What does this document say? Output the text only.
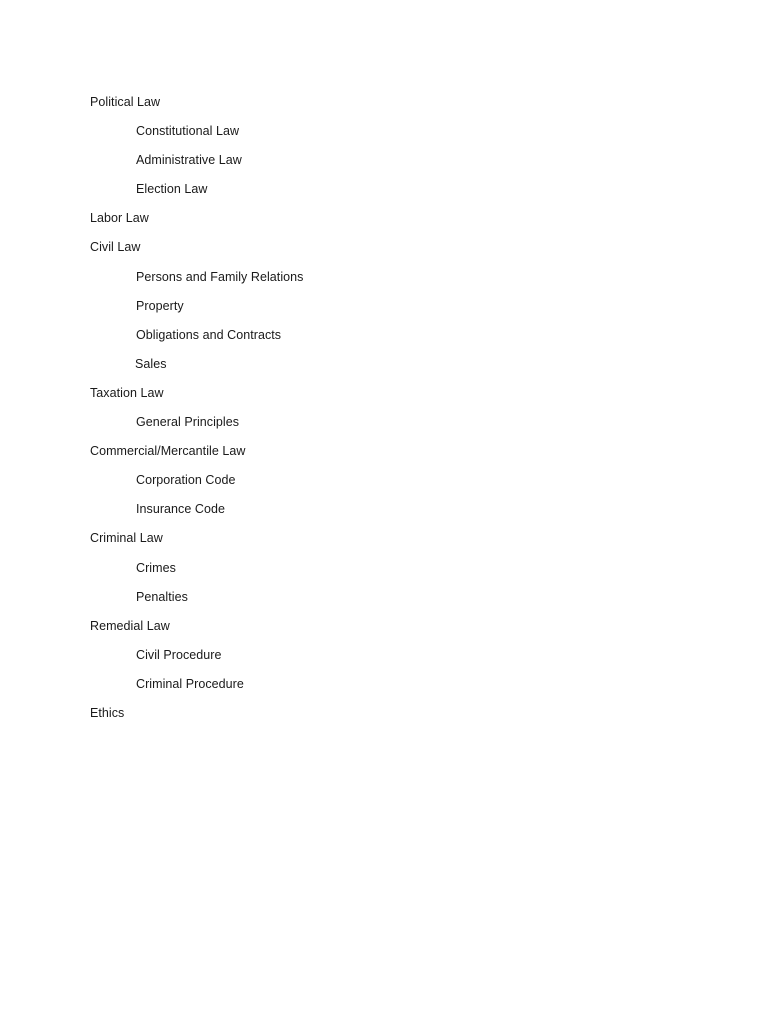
Political Law
Constitutional Law
Administrative Law
Election Law
Labor Law
Civil Law
Persons and Family Relations
Property
Obligations and Contracts
Sales
Taxation Law
General Principles
Commercial/Mercantile Law
Corporation Code
Insurance Code
Criminal Law
Crimes
Penalties
Remedial Law
Civil Procedure
Criminal Procedure
Ethics
